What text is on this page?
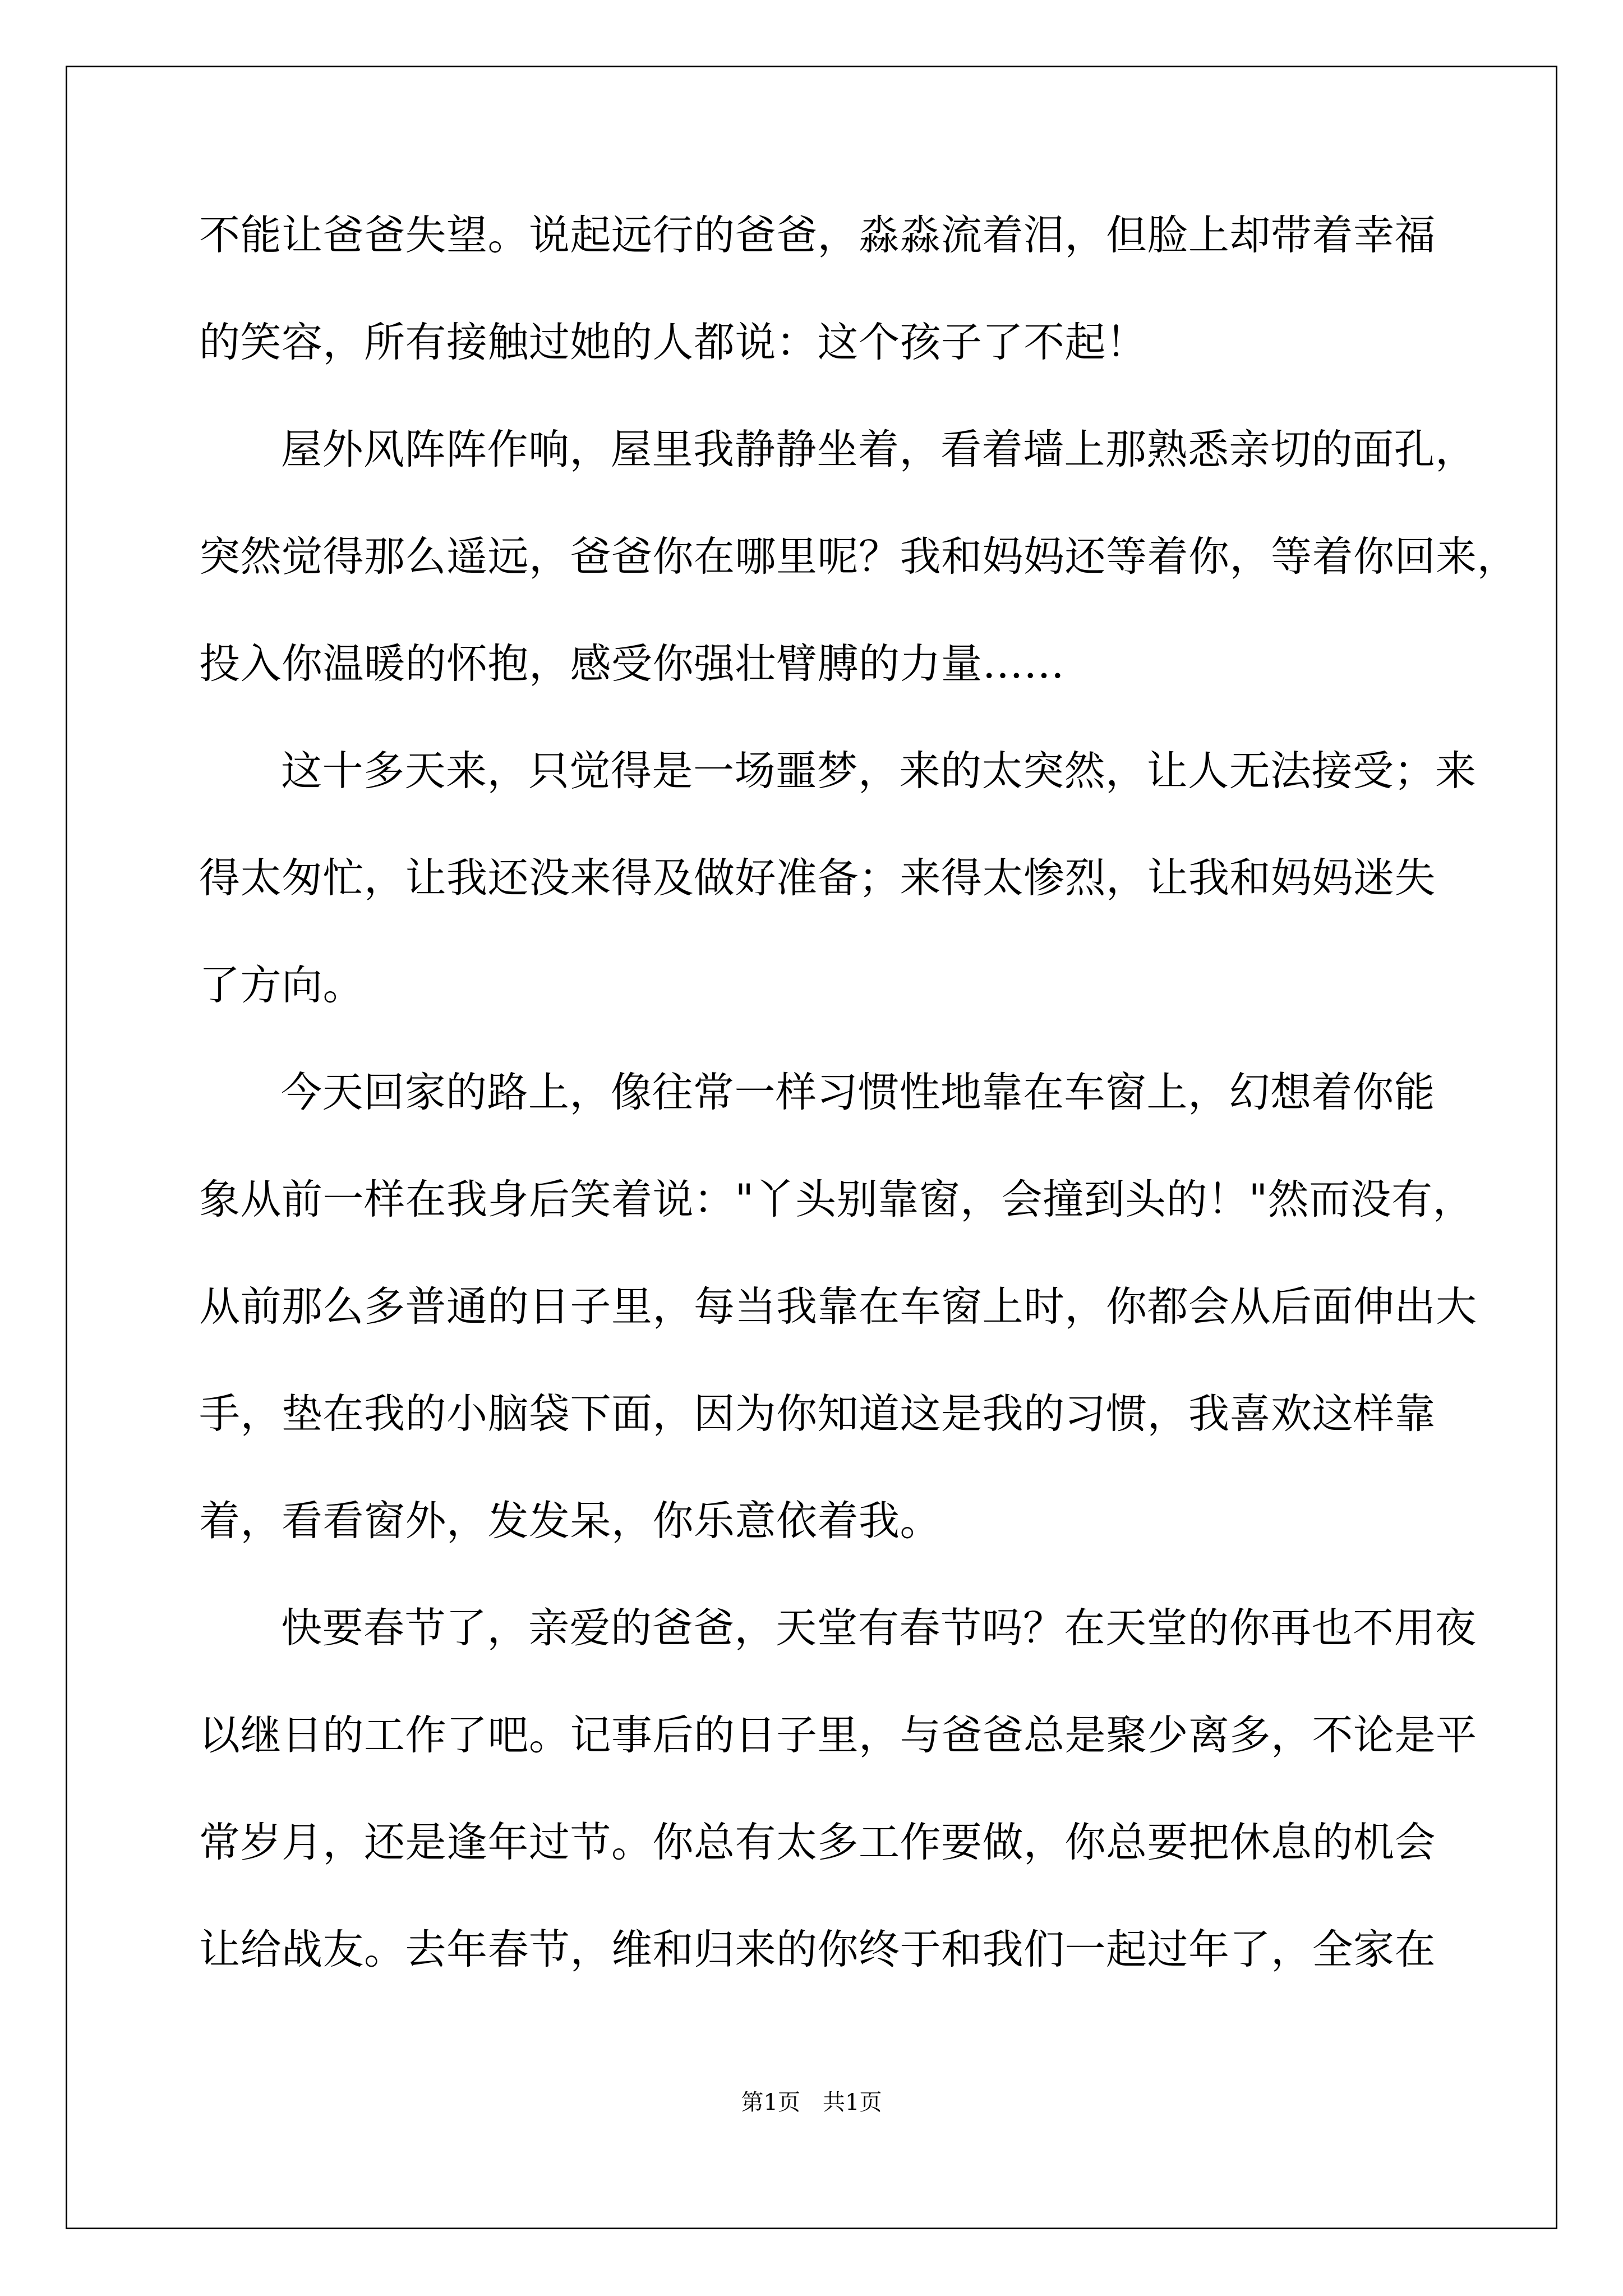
不能让爸爸失望。说起远行的爸爸，淼淼流着泪，但脸上却带着幸福
的笑容，所有接触过她的人都说：这个孩子了不起！
屋外风阵阵作响，屋里我静静坐着，看着墙上那熟悉亲切的面孔，
突然觉得那么遥远，爸爸你在哪里呢？我和妈妈还等着你，等着你回来，
投入你温暖的怀抱，感受你强壮臂膊的力量……
这十多天来，只觉得是一场噩梦，来的太突然，让人无法接受；来
得太匆忙，让我还没来得及做好准备；来得太惨烈，让我和妈妈迷失
了方向。
今天回家的路上，像往常一样习惯性地靠在车窗上，幻想着你能
象从前一样在我身后笑着说："丫头别靠窗，会撞到头的！"然而没有，
从前那么多普通的日子里，每当我靠在车窗上时，你都会从后面伸出大
手，垫在我的小脑袋下面，因为你知道这是我的习惯，我喜欢这样靠
着，看看窗外，发发呆，你乐意依着我。
快要春节了，亲爱的爸爸，天堂有春节吗？在天堂的你再也不用夜
以继日的工作了吧。记事后的日子里，与爸爸总是聚少离多，不论是平
常岁月，还是逢年过节。你总有太多工作要做，你总要把休息的机会
让给战友。去年春节，维和归来的你终于和我们一起过年了，全家在
第1页　共1页
